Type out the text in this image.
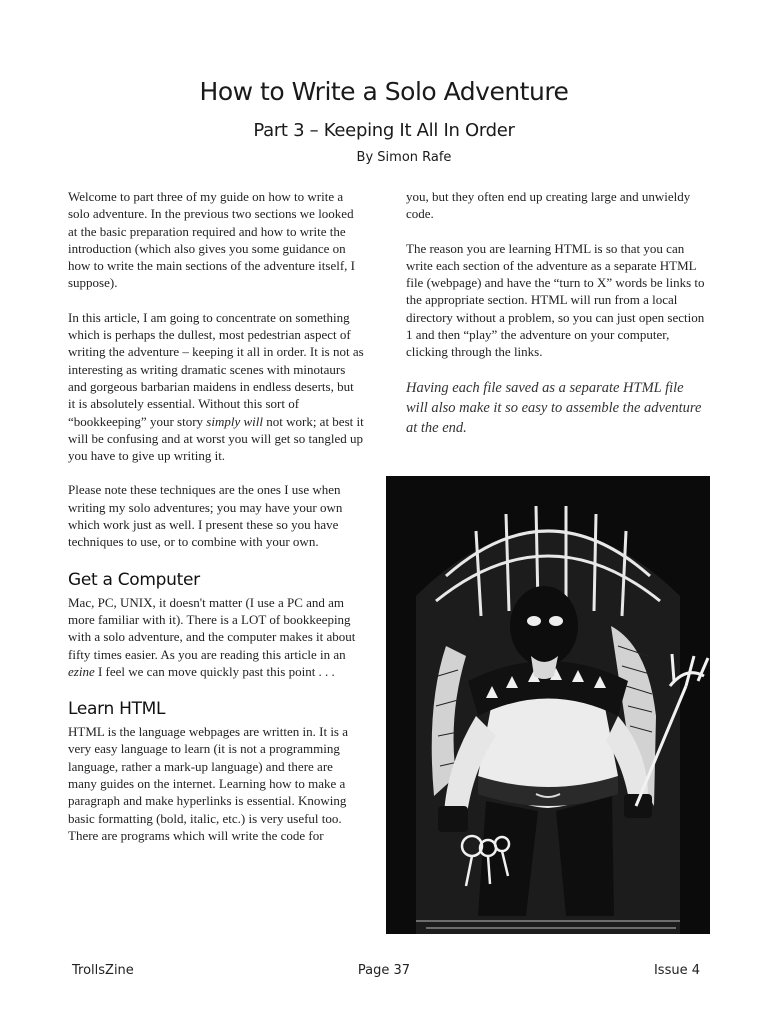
How to Write a Solo Adventure
Part 3 – Keeping It All In Order
By Simon Rafe

Welcome to part three of my guide on how to write a solo adventure. In the previous two sections we looked at the basic preparation required and how to write the introduction (which also gives you some guidance on how to write the main sections of the adventure itself, I suppose).

In this article, I am going to concentrate on something which is perhaps the dullest, most pedestrian aspect of writing the adventure – keeping it all in order. It is not as interesting as writing dramatic scenes with minotaurs and gorgeous barbarian maidens in endless deserts, but it is absolutely essential. Without this sort of “bookkeeping” your story simply will not work; at best it will be confusing and at worst you will get so tangled up you have to give up writing it.

Please note these techniques are the ones I use when writing my solo adventures; you may have your own which work just as well. I present these so you have techniques to use, or to combine with your own.

Get a Computer

Mac, PC, UNIX, it doesn't matter (I use a PC and am more familiar with it). There is a LOT of bookkeeping with a solo adventure, and the computer makes it about fifty times easier. As you are reading this article in an ezine I feel we can move quickly past this point . . .

Learn HTML

HTML is the language webpages are written in. It is a very easy language to learn (it is not a programming language, rather a mark-up language) and there are many guides on the internet. Learning how to make a paragraph and make hyperlinks is essential. Knowing basic formatting (bold, italic, etc.) is very useful too. There are programs which will write the code for

you, but they often end up creating large and unwieldy code.

The reason you are learning HTML is so that you can write each section of the adventure as a separate HTML file (webpage) and have the “turn to X” words be links to the appropriate section. HTML will run from a local directory without a problem, so you can just open section 1 and then “play” the adventure on your computer, clicking through the links.

Having each file saved as a separate HTML file will also make it so easy to assemble the adventure at the end.

TrollsZine	Page 37	Issue 4
